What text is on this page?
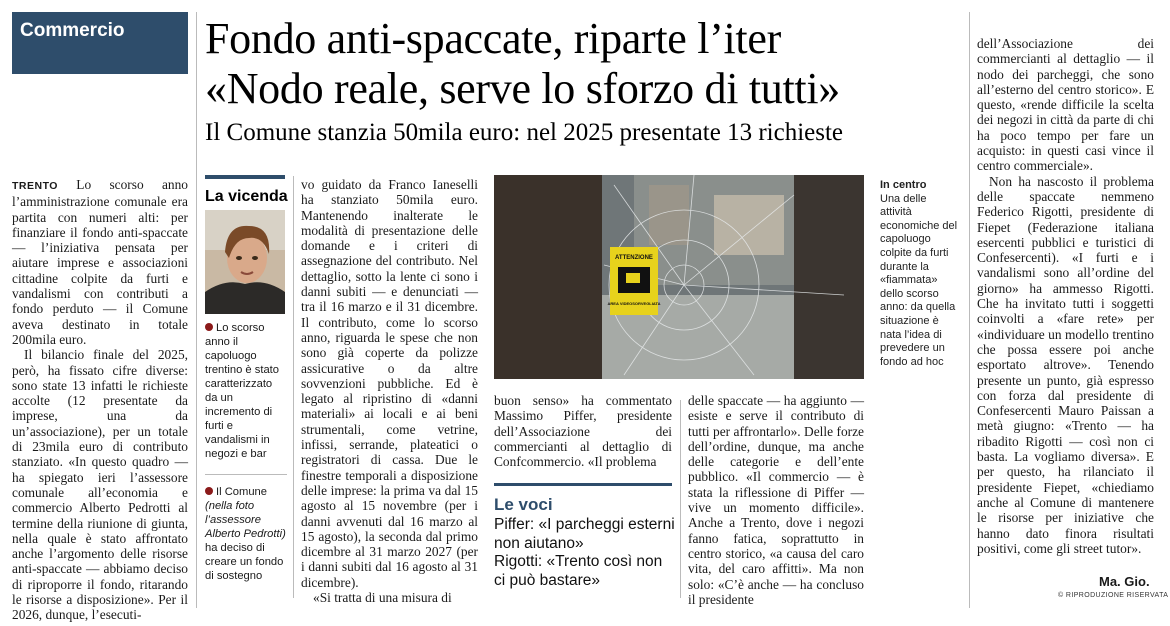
Commercio Fondo anti-spaccate, riparte l’iter
«Nodo reale, serve lo sforzo di tutti»
Il Comune stanzia 50mila euro: nel 2025 presentate 13 richieste

TRENTO Lo scorso anno l’amministrazione comunale era partita con numeri alti: per finanziare il fondo anti-spaccate — l’iniziativa pensata per aiutare imprese e associazioni cittadine colpite da furti e vandalismi con contributi a fondo perduto — il Comune aveva destinato in totale 200mila euro.

Il bilancio finale del 2025, però, ha fissato cifre diverse: sono state 13 infatti le richieste accolte (12 presentate da imprese, una da un’associazione), per un totale di 23mila euro di contributo stanziato. «In questo quadro — ha spiegato ieri l’assessore comunale all’economia e commercio Alberto Pedrotti al termine della riunione di giunta, nella quale è stato affrontato anche l’argomento delle risorse anti-spaccate — abbiamo deciso di riproporre il fondo, ritarando le risorse a disposizione». Per il 2026, dunque, l’esecuti-

La vicenda
Lo scorso anno il capoluogo trentino è stato caratterizzato da un incremento di furti e vandalismi in negozi e bar
Il Comune (nella foto l’assessore Alberto Pedrotti) ha deciso di creare un fondo di sostegno

vo guidato da Franco Ianeselli ha stanziato 50mila euro. Mantenendo inalterate le modalità di presentazione delle domande e i criteri di assegnazione del contributo. Nel dettaglio, sotto la lente ci sono i danni subiti — e denunciati — tra il 16 marzo e il 31 dicembre. Il contributo, come lo scorso anno, riguarda le spese che non sono già coperte da polizze assicurative o da altre sovvenzioni pubbliche. Ed è legato al ripristino di «danni materiali» ai locali e ai beni strumentali, come vetrine, infissi, serrande, plateatici o registratori di cassa. Due le finestre temporali a disposizione delle imprese: la prima va dal 15 agosto al 15 novembre (per i danni avvenuti dal 16 marzo al 15 agosto), la seconda dal primo dicembre al 31 marzo 2027 (per i danni subiti dal 16 agosto al 31 dicembre).

«Si tratta di una misura di

ATTENZIONE
AREA VIDEOSORVEGLIATA
In centro
Una delle attività economiche del capoluogo colpite da furti durante la «fiammata» dello scorso anno: da quella situazione è nata l’idea di prevedere un fondo ad hoc

buon senso» ha commentato Massimo Piffer, presidente dell’Associazione dei commercianti al dettaglio di Confcommercio. «Il problema

Le voci
Piffer: «I parcheggi esterni non aiutano»
Rigotti: «Trento così non ci può bastare»

delle spaccate — ha aggiunto — esiste e serve il contributo di tutti per affrontarlo». Delle forze dell’ordine, dunque, ma anche delle categorie e dell’ente pubblico. «Il commercio — è stata la riflessione di Piffer — vive un momento difficile». Anche a Trento, dove i negozi fanno fatica, soprattutto in centro storico, «a causa del caro vita, del caro affitti». Ma non solo: «C’è anche — ha concluso il presidente

dell’Associazione dei commercianti al dettaglio — il nodo dei parcheggi, che sono all’esterno del centro storico». E questo, «rende difficile la scelta dei negozi in città da parte di chi ha poco tempo per fare un acquisto: in questi casi vince il centro commerciale».

Non ha nascosto il problema delle spaccate nemmeno Federico Rigotti, presidente di Fiepet (Federazione italiana esercenti pubblici e turistici di Confesercenti). «I furti e i vandalismi sono all’ordine del giorno» ha ammesso Rigotti. Che ha invitato tutti i soggetti coinvolti a «fare rete» per «individuare un modello trentino che possa essere poi anche esportato altrove». Tenendo presente un punto, già espresso con forza dal presidente di Confesercenti Mauro Paissan a metà giugno: «Trento — ha ribadito Rigotti — così non ci basta. La vogliamo diversa». E per questo, ha rilanciato il presidente Fiepet, «chiediamo anche al Comune di mantenere le risorse per iniziative che hanno dato finora risultati positivi, come gli street tutor».

Ma. Gio.
© RIPRODUZIONE RISERVATA
